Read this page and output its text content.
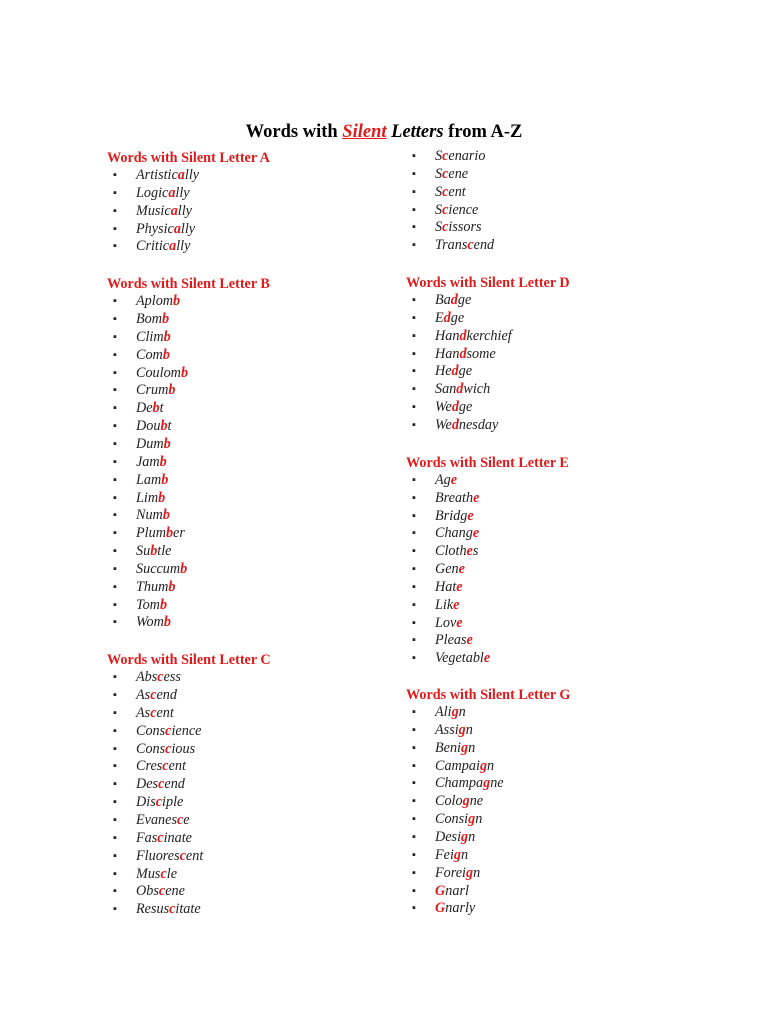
Words with Silent Letters from A-Z
Words with Silent Letter A
▪ Artistically
▪ Logically
▪ Musically
▪ Physically
▪ Critically
Words with Silent Letter B
▪ Aplomb
▪ Bomb
▪ Climb
▪ Comb
▪ Coulomb
▪ Crumb
▪ Debt
▪ Doubt
▪ Dumb
▪ Jamb
▪ Lamb
▪ Limb
▪ Numb
▪ Plumber
▪ Subtle
▪ Succumb
▪ Thumb
▪ Tomb
▪ Womb
Words with Silent Letter C
▪ Abscess
▪ Ascend
▪ Ascent
▪ Conscience
▪ Conscious
▪ Crescent
▪ Descend
▪ Disciple
▪ Evanesce
▪ Fascinate
▪ Fluorescent
▪ Muscle
▪ Obscene
▪ Resuscitate
▪ Scenario
▪ Scene
▪ Scent
▪ Science
▪ Scissors
▪ Transcend
Words with Silent Letter D
▪ Badge
▪ Edge
▪ Handkerchief
▪ Handsome
▪ Hedge
▪ Sandwich
▪ Wedge
▪ Wednesday
Words with Silent Letter E
▪ Age
▪ Breathe
▪ Bridge
▪ Change
▪ Clothes
▪ Gene
▪ Hate
▪ Like
▪ Love
▪ Please
▪ Vegetable
Words with Silent Letter G
▪ Align
▪ Assign
▪ Benign
▪ Campaign
▪ Champagne
▪ Cologne
▪ Consign
▪ Design
▪ Feign
▪ Foreign
▪ Gnarl
▪ Gnarly
